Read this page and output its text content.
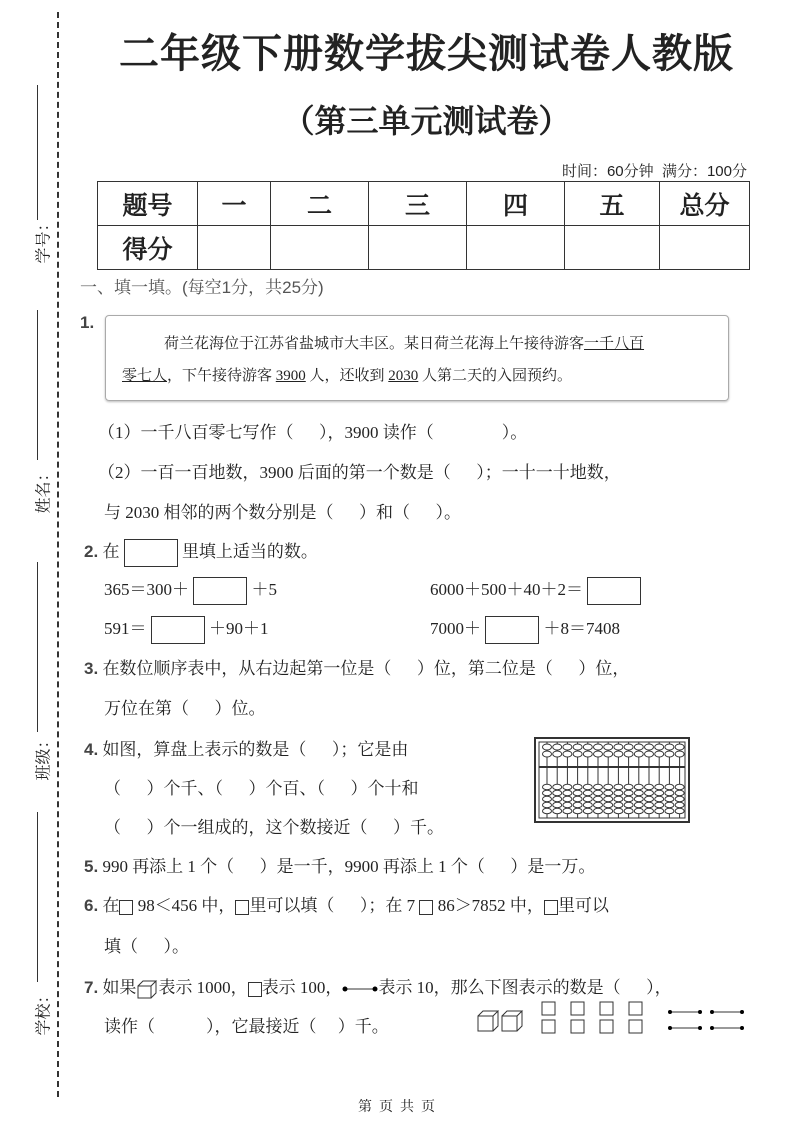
学号：
姓名：
班级：
学校：
二年级下册数学拔尖测试卷人教版
（第三单元测试卷）
时间：60分钟  满分：100分
题号	一	二	三	四	五	总分
得分						
一、填一填。(每空1分，共25分)
1.

荷兰花海位于江苏省盐城市大丰区。某日荷兰花海上午接待游客一千八百

零七人，下午接待游客 3900 人，还收到 2030 人第二天的入园预约。

（1）一千八百零七写作（      ），3900 读作（                ）。
（2）一百一百地数，3900 后面的第一个数是（      ）；一十一十地数，
与 2030 相邻的两个数分别是（      ）和（      ）。
2. 在	里填上适当的数。
365＝300＋	＋5	6000＋500＋40＋2＝
591＝	＋90＋1	7000＋	＋8＝7408
3. 在数位顺序表中，从右边起第一位是（      ）位，第二位是（      ）位，
万位在第（      ）位。
4. 如图，算盘上表示的数是（      ）；它是由
（      ）个千、（      ）个百、（      ）个十和
（      ）个一组成的，这个数接近（      ）千。
5. 990 再添上 1 个（      ）是一千，9900 再添上 1 个（      ）是一万。
6. 在 98＜456 中， 里可以填（      ）；在 7  86＞7852 中， 里可以
填（      ）。
7. 如果 表示 1000， 表示 100， 表示 10，那么下图表示的数是（      ），
读作（            ），它最接近（     ）千。
第  页  共  页
